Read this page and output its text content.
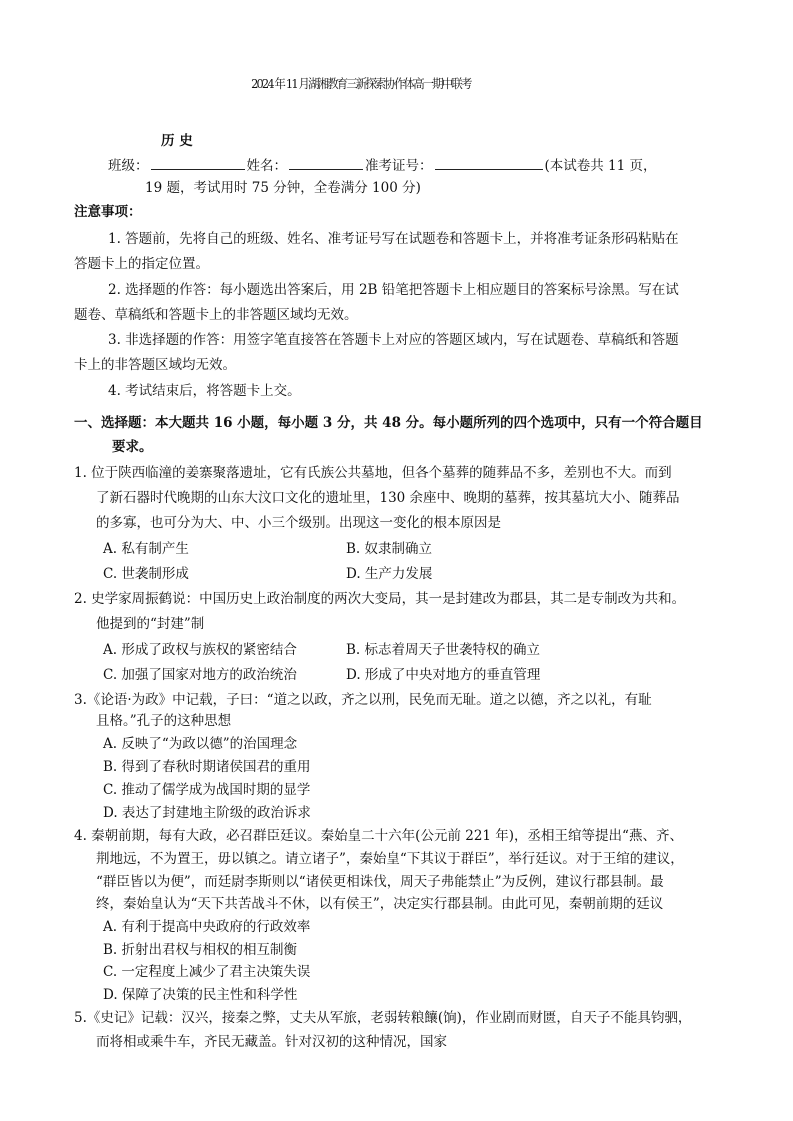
2024 年 11 月湖湘教育三新探索协作体高一期中联考
历 史
班级：	姓名：	准考证号：	(本试卷共 11 页，
19 题，考试用时 75 分钟，全卷满分 100 分)
注意事项：
1. 答题前，先将自己的班级、姓名、准考证号写在试题卷和答题卡上，并将准考证条形码粘贴在
答题卡上的指定位置。
2. 选择题的作答：每小题选出答案后，用 2B 铅笔把答题卡上相应题目的答案标号涂黑。写在试
题卷、草稿纸和答题卡上的非答题区域均无效。
3. 非选择题的作答：用签字笔直接答在答题卡上对应的答题区域内，写在试题卷、草稿纸和答题
卡上的非答题区域均无效。
4. 考试结束后，将答题卡上交。
一、选择题：本大题共 16 小题，每小题 3 分，共 48 分。每小题所列的四个选项中，只有一个符合题目
要求。
1. 位于陕西临潼的姜寨聚落遗址，它有氏族公共墓地，但各个墓葬的随葬品不多，差别也不大。而到
了新石器时代晚期的山东大汶口文化的遗址里，130 余座中、晚期的墓葬，按其墓坑大小、随葬品
的多寡，也可分为大、中、小三个级别。出现这一变化的根本原因是
A. 私有制产生	B. 奴隶制确立
C. 世袭制形成	D. 生产力发展
2. 史学家周振鹤说：中国历史上政治制度的两次大变局，其一是封建改为郡县，其二是专制改为共和。
他提到的“封建”制
A. 形成了政权与族权的紧密结合	B. 标志着周天子世袭特权的确立
C. 加强了国家对地方的政治统治	D. 形成了中央对地方的垂直管理
3.《论语·为政》中记载，子曰：“道之以政，齐之以刑，民免而无耻。道之以德，齐之以礼，有耻
且格。”孔子的这种思想
A. 反映了“为政以德”的治国理念
B. 得到了春秋时期诸侯国君的重用
C. 推动了儒学成为战国时期的显学
D. 表达了封建地主阶级的政治诉求
4. 秦朝前期，每有大政，必召群臣廷议。秦始皇二十六年(公元前 221 年)，丞相王绾等提出“燕、齐、
荆地远，不为置王，毋以镇之。请立诸子”，秦始皇“下其议于群臣”，举行廷议。对于王绾的建议，
“群臣皆以为便”，而廷尉李斯则以“诸侯更相诛伐，周天子弗能禁止”为反例，建议行郡县制。最
终，秦始皇认为“天下共苦战斗不休，以有侯王”，决定实行郡县制。由此可见，秦朝前期的廷议
A. 有利于提高中央政府的行政效率
B. 折射出君权与相权的相互制衡
C. 一定程度上减少了君主决策失误
D. 保障了决策的民主性和科学性
5.《史记》记载：汉兴，接秦之弊，丈夫从军旅，老弱转粮饟(饷)，作业剧而财匮，自天子不能具钧驷，
而将相或乘牛车，齐民无藏盖。针对汉初的这种情况，国家
